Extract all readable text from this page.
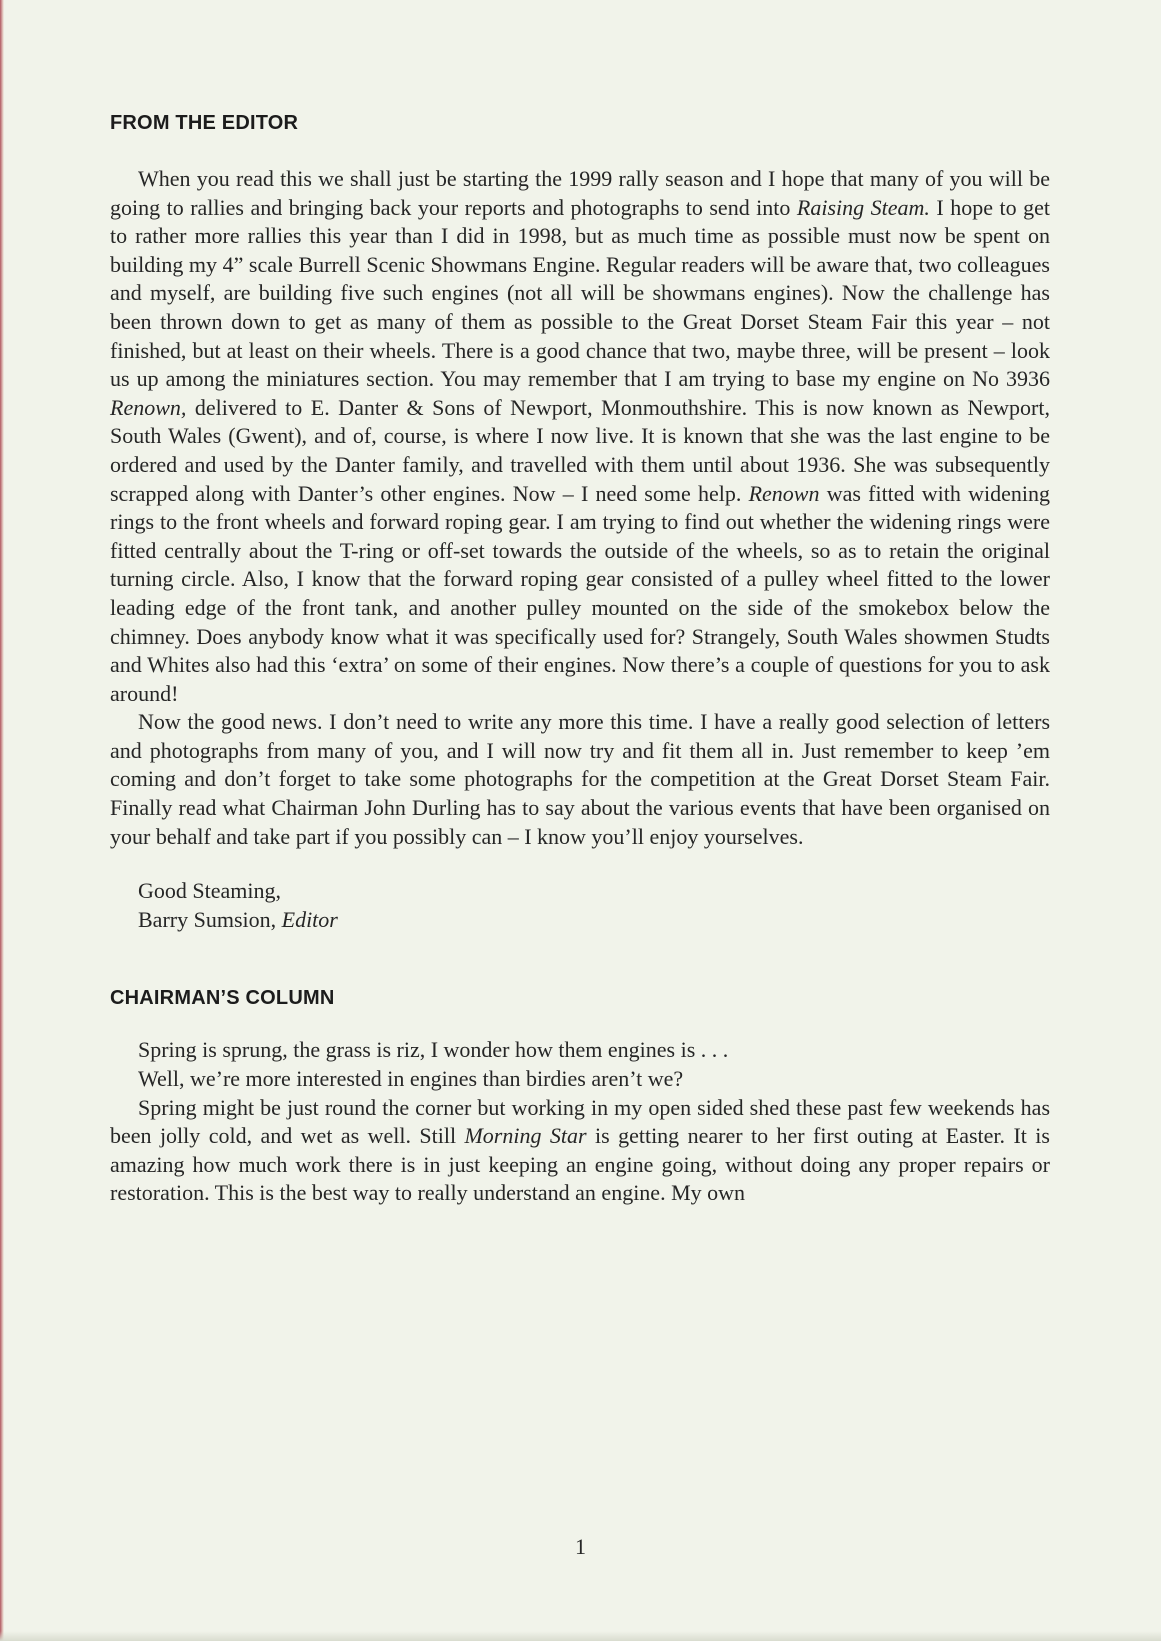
FROM THE EDITOR

When you read this we shall just be starting the 1999 rally season and I hope that many of you will be going to rallies and bringing back your reports and photographs to send into Raising Steam. I hope to get to rather more rallies this year than I did in 1998, but as much time as possible must now be spent on building my 4” scale Burrell Scenic Showmans Engine. Regular readers will be aware that, two colleagues and myself, are building five such engines (not all will be showmans engines). Now the challenge has been thrown down to get as many of them as possible to the Great Dorset Steam Fair this year – not finished, but at least on their wheels. There is a good chance that two, maybe three, will be present – look us up among the miniatures section. You may remember that I am trying to base my engine on No 3936 Renown, delivered to E. Danter & Sons of Newport, Monmouthshire. This is now known as Newport, South Wales (Gwent), and of, course, is where I now live. It is known that she was the last engine to be ordered and used by the Danter family, and travelled with them until about 1936. She was subsequently scrapped along with Danter’s other engines. Now – I need some help. Renown was fitted with widening rings to the front wheels and forward roping gear. I am trying to find out whether the widening rings were fitted centrally about the T-ring or off-set towards the outside of the wheels, so as to retain the original turning circle. Also, I know that the forward roping gear consisted of a pulley wheel fitted to the lower leading edge of the front tank, and another pulley mounted on the side of the smokebox below the chimney. Does anybody know what it was specifically used for? Strangely, South Wales showmen Studts and Whites also had this ‘extra’ on some of their engines. Now there’s a couple of questions for you to ask around!

Now the good news. I don’t need to write any more this time. I have a really good selection of letters and photographs from many of you, and I will now try and fit them all in. Just remember to keep ’em coming and don’t forget to take some photographs for the competition at the Great Dorset Steam Fair. Finally read what Chairman John Durling has to say about the various events that have been organised on your behalf and take part if you possibly can – I know you’ll enjoy yourselves.

Good Steaming,
Barry Sumsion, Editor
CHAIRMAN’S COLUMN

Spring is sprung, the grass is riz, I wonder how them engines is . . .

Well, we’re more interested in engines than birdies aren’t we?

Spring might be just round the corner but working in my open sided shed these past few weekends has been jolly cold, and wet as well. Still Morning Star is getting nearer to her first outing at Easter. It is amazing how much work there is in just keeping an engine going, without doing any proper repairs or restoration. This is the best way to really understand an engine. My own

1
